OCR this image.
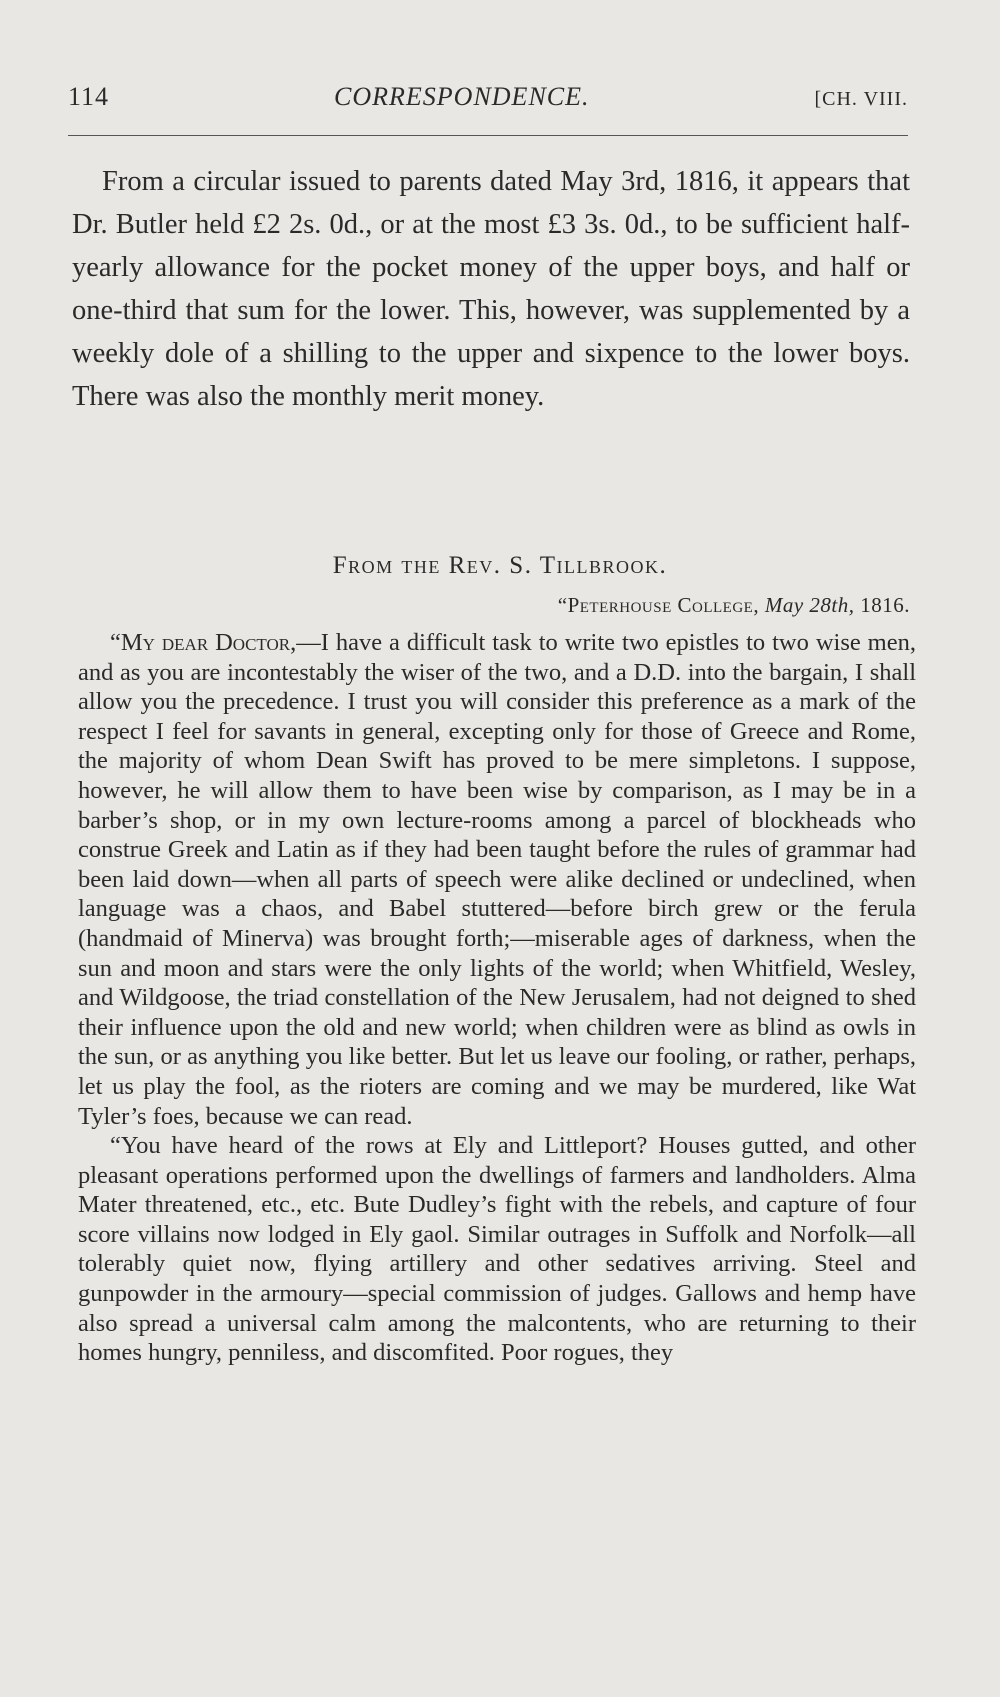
114	CORRESPONDENCE.	[CH. VIII.
From a circular issued to parents dated May 3rd, 1816, it appears that Dr. Butler held £2 2s. 0d., or at the most £3 3s. 0d., to be sufficient half-yearly allowance for the pocket money of the upper boys, and half or one-third that sum for the lower. This, however, was supplemented by a weekly dole of a shilling to the upper and sixpence to the lower boys. There was also the monthly merit money.
From the Rev. S. Tillbrook.
“Peterhouse College, May 28th, 1816.

“My dear Doctor,—I have a difficult task to write two epistles to two wise men, and as you are incontestably the wiser of the two, and a D.D. into the bargain, I shall allow you the precedence. I trust you will consider this preference as a mark of the respect I feel for savants in general, excepting only for those of Greece and Rome, the majority of whom Dean Swift has proved to be mere simpletons. I suppose, however, he will allow them to have been wise by comparison, as I may be in a barber’s shop, or in my own lecture-rooms among a parcel of blockheads who construe Greek and Latin as if they had been taught before the rules of grammar had been laid down—when all parts of speech were alike declined or undeclined, when language was a chaos, and Babel stuttered—before birch grew or the ferula (handmaid of Minerva) was brought forth;—miserable ages of darkness, when the sun and moon and stars were the only lights of the world; when Whitfield, Wesley, and Wildgoose, the triad constellation of the New Jerusalem, had not deigned to shed their influence upon the old and new world; when children were as blind as owls in the sun, or as anything you like better. But let us leave our fooling, or rather, perhaps, let us play the fool, as the rioters are coming and we may be murdered, like Wat Tyler’s foes, because we can read.

“You have heard of the rows at Ely and Littleport? Houses gutted, and other pleasant operations performed upon the dwellings of farmers and landholders. Alma Mater threatened, etc., etc. Bute Dudley’s fight with the rebels, and capture of four score villains now lodged in Ely gaol. Similar outrages in Suffolk and Norfolk—all tolerably quiet now, flying artillery and other sedatives arriving. Steel and gunpowder in the armoury—special commission of judges. Gallows and hemp have also spread a universal calm among the malcontents, who are returning to their homes hungry, penniless, and discomfited. Poor rogues, they
